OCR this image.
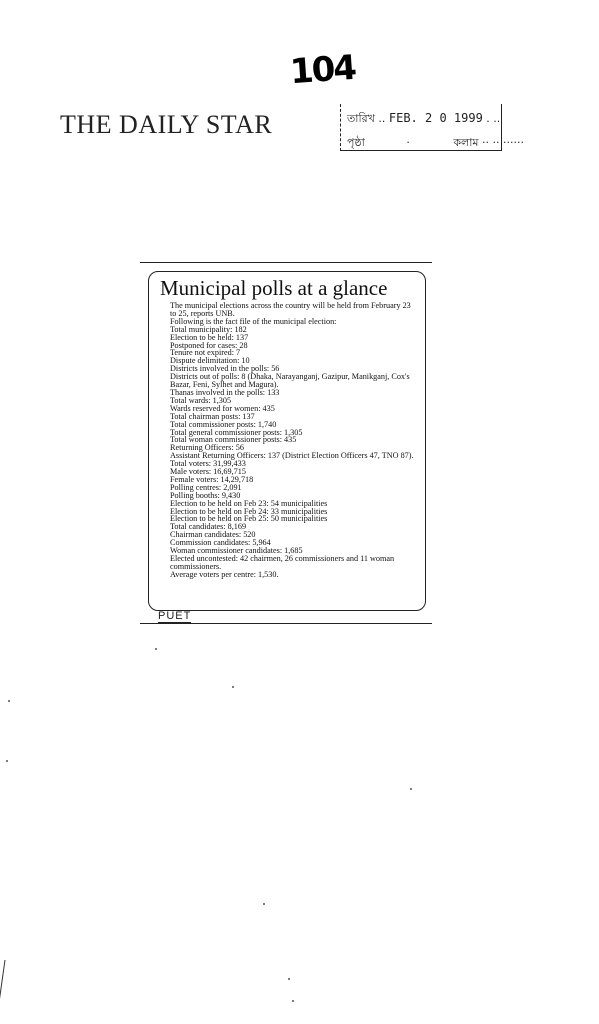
104
THE DAILY STAR	তারিখ .. FEB. 2 0 1999 . ..
পৃষ্ঠা	·	কলাম ·· ·· ······
Municipal polls at a glance

The municipal elections across the country will be held from February 23 to 25, reports UNB.

Following is the fact file of the municipal election:

Total municipality: 182

Election to be held: 137

Postponed for cases: 28

Tenure not expired: 7

Dispute delimitation: 10

Districts involved in the polls: 56

Districts out of polls: 8 (Dhaka, Narayanganj, Gazipur, Manikganj, Cox's Bazar, Feni, Sylhet and Magura).

Thanas involved in the polls: 133

Total wards: 1,305

Wards reserved for women: 435

Total chairman posts: 137

Total commissioner posts: 1,740

Total general commissioner posts: 1,305

Total woman commissioner posts: 435

Returning Officers: 56

Assistant Returning Officers: 137 (District Election Officers 47, TNO 87).

Total voters: 31,99,433

Male voters: 16,69,715

Female voters: 14,29,718

Polling centres: 2,091

Polling booths: 9,430

Election to be held on Feb 23: 54 municipalities

Election to be held on Feb 24: 33 municipalities

Election to be held on Feb 25: 50 municipalities

Total candidates: 8,169

Chairman candidates: 520

Commission candidates: 5,964

Woman commissioner candidates: 1,685

Elected uncontested: 42 chairmen, 26 commissioners and 11 woman commissioners.

Average voters per centre: 1,530.

PUET
